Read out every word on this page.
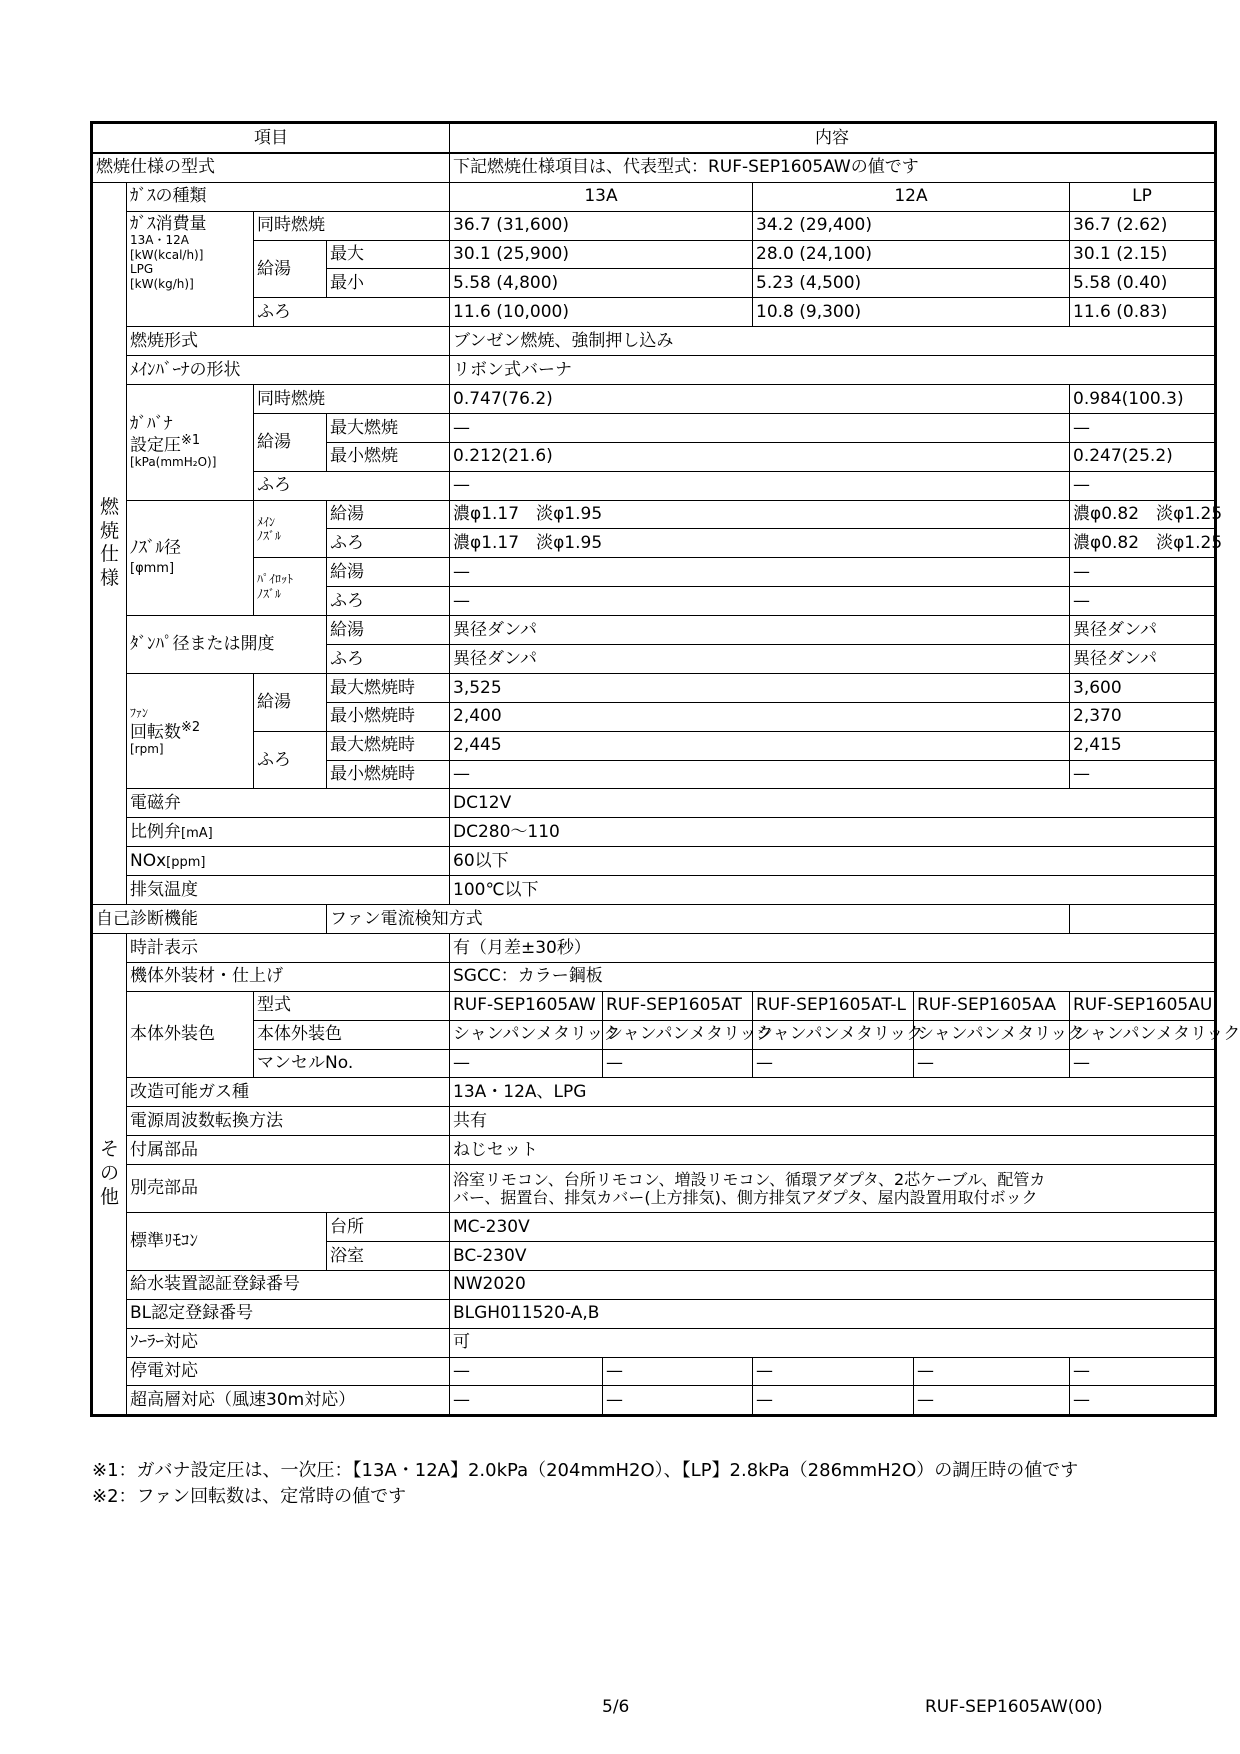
項目				内容				
燃焼仕様の型式				下記燃焼仕様項目は、代表型式：RUF-SEP1605AWの値です				

燃
焼
仕
様	ｶﾞｽの種類			13A		12A		LP
	ｶﾞｽ消費量
13A・12A
[kW(kcal/h)]
LPG
[kW(kg/h)]	同時燃焼		36.7 (31,600)		34.2 (29,400)		36.7 (2.62)
		給湯	最大	30.1 (25,900)		28.0 (24,100)		30.1 (2.15)
			最小	5.58 (4,800)		5.23 (4,500)		5.58 (0.40)
		ふろ		11.6 (10,000)		10.8 (9,300)		11.6 (0.83)
	燃焼形式			ブンゼン燃焼、強制押し込み				
	ﾒｲﾝﾊﾞｰﾅの形状			リボン式バーナ				

	ｶﾞﾊﾞﾅ
設定圧$^{※1}$
[kPa(mmH₂O)]	同時燃焼		0.747(76.2)				0.984(100.3)
		給湯	最大燃焼	—				—
			最小燃焼	0.212(21.6)				0.247(25.2)
		ふろ		—				—

	ﾉｽﾞﾙ径
[φmm]	ﾒｲﾝ
ﾉｽﾞﾙ	給湯	濃φ1.17　淡φ1.95				濃φ0.82　淡φ1.25
			ふろ	濃φ1.17　淡φ1.95				濃φ0.82　淡φ1.25

		ﾊﾟｲﾛｯﾄ
ﾉｽﾞﾙ	給湯	—				—
			ふろ	—				—
	ﾀﾞﾝﾊﾟ径または開度		給湯	異径ダンパ				異径ダンパ
			ふろ	異径ダンパ				異径ダンパ

	ﾌｧﾝ
回転数$^{※2}$
[rpm]	給湯	最大燃焼時	3,525				3,600
			最小燃焼時	2,400				2,370
		ふろ	最大燃焼時	2,445				2,415
			最小燃焼時	—				—
	電磁弁			DC12V				
	比例弁[mA]			DC280～110				
	NOx[ppm]			60以下				
	排気温度			100℃以下				
自己診断機能			ファン電流検知方式					

そ
の
他	時計表示			有（月差±30秒）				
	機体外装材・仕上げ			SGCC：カラー鋼板				
	本体外装色	型式		RUF-SEP1605AW	RUF-SEP1605AT	RUF-SEP1605AT-L	RUF-SEP1605AA	RUF-SEP1605AU
		本体外装色		シャンパンメタリック	シャンパンメタリック	シャンパンメタリック	シャンパンメタリック	シャンパンメタリック
		マンセルNo.		—	—	—	—	—
	改造可能ガス種			13A・12A、LPG				
	電源周波数転換方法			共有				
	付属部品			ねじセット				
	別売部品			浴室リモコン、台所リモコン、増設リモコン、循環アダプタ、2芯ケーブル、配管カ
バー、据置台、排気カバー(上方排気)、側方排気アダプタ、屋内設置用取付ボック				

	標準ﾘﾓｺﾝ		台所	MC-230V				
			浴室	BC-230V				
	給水装置認証登録番号			NW2020				
	BL認定登録番号			BLGH011520-A,B				
	ｿｰﾗｰ対応			可				
	停電対応			—	—	—	—	—
	超高層対応（風速30m対応）			—	—	—	—	—
※1：ガバナ設定圧は、一次圧：【13A・12A】2.0kPa（204mmH2O）、【LP】2.8kPa（286mmH2O）の調圧時の値です
※2：ファン回転数は、定常時の値です
5/6	RUF-SEP1605AW(00)
